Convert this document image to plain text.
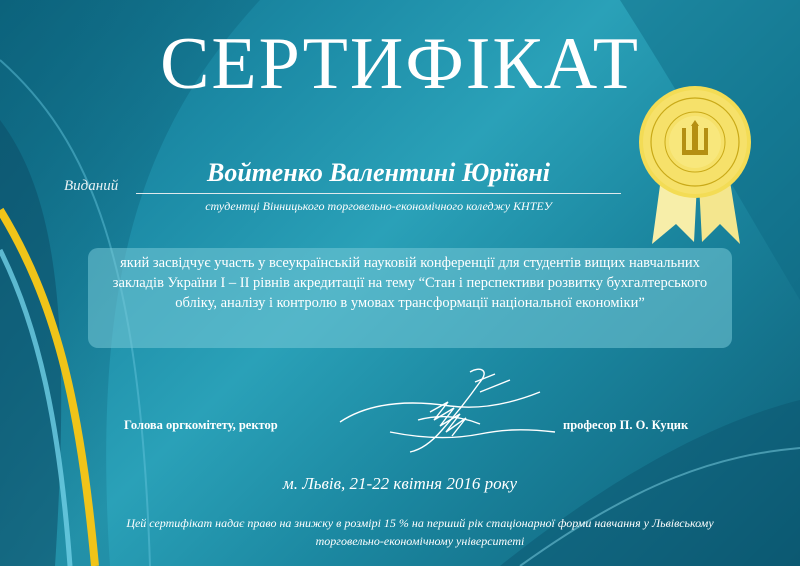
СЕРТИФІКАТ
Виданий	Войтенко Валентині Юріївні
студентці Вінницького торговельно-економічного коледжу КНТЕУ
який засвідчує участь у всеукраїнській науковій конференції для студентів вищих навчальних закладів України І – ІІ рівнів акредитації на тему “Стан і перспективи розвитку бухгалтерського обліку, аналізу і контролю в умовах трансформації національної економіки”
Голова оргкомітету, ректор	професор П. О. Куцик
м. Львів, 21-22 квітня 2016 року
Цей сертифікат надає право на знижку в розмірі 15 % на перший рік стаціонарної форми навчання у Львівському торговельно-економічному університеті
